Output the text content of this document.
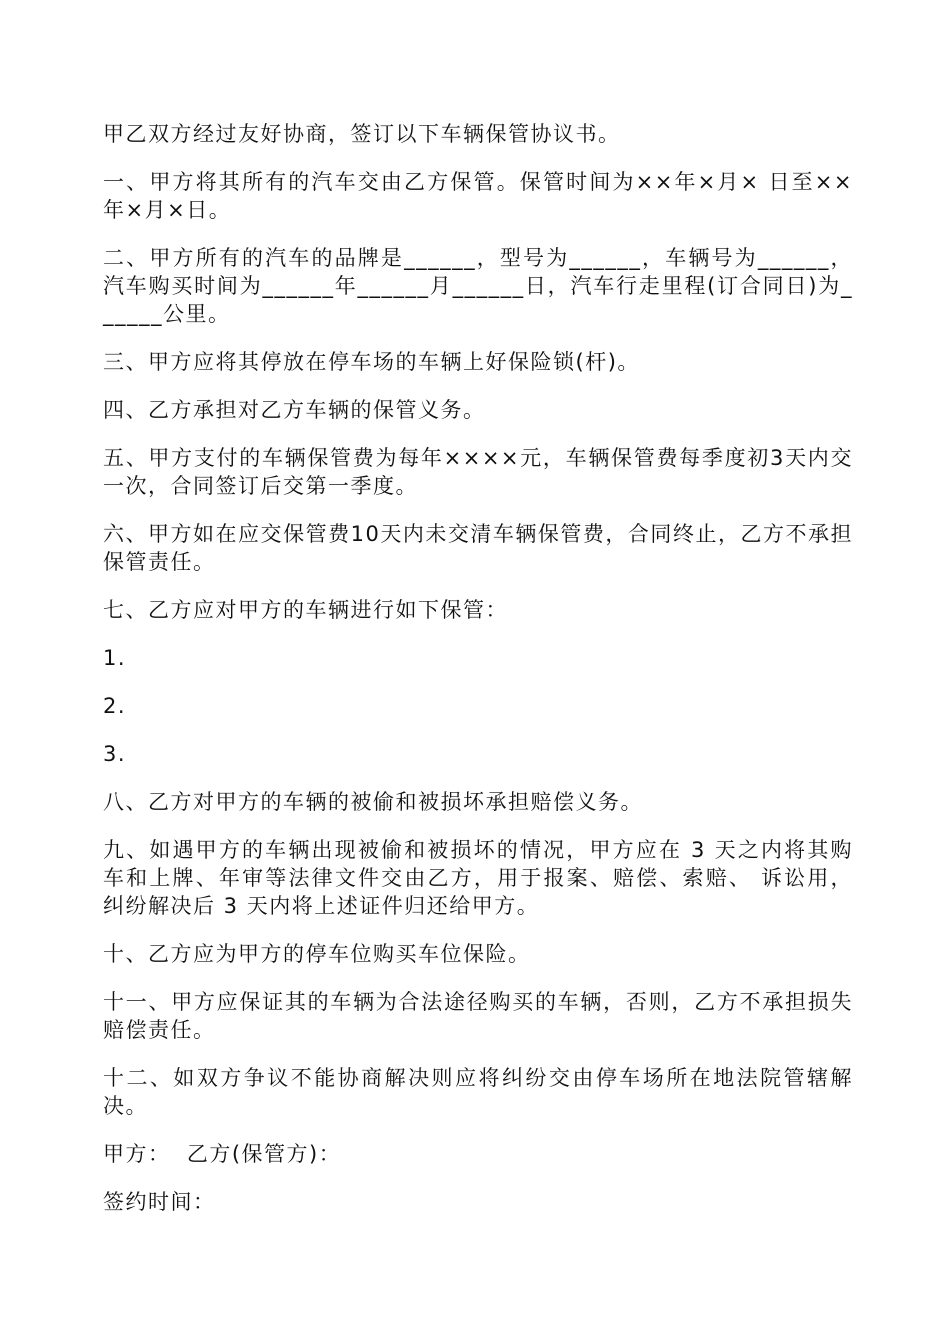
甲乙双方经过友好协商，签订以下车辆保管协议书。

一、甲方将其所有的汽车交由乙方保管。保管时间为××年×月× 日至××年×月×日。

二、甲方所有的汽车的品牌是______，型号为______，车辆号为______，汽车购买时间为______年______月______日，汽车行走里程(订合同日)为______公里。

三、甲方应将其停放在停车场的车辆上好保险锁(杆)。

四、乙方承担对乙方车辆的保管义务。

五、甲方支付的车辆保管费为每年××××元，车辆保管费每季度初3天内交一次，合同签订后交第一季度。

六、甲方如在应交保管费10天内未交清车辆保管费，合同终止，乙方不承担保管责任。

七、乙方应对甲方的车辆进行如下保管：

1.

2.

3.

八、乙方对甲方的车辆的被偷和被损坏承担赔偿义务。

九、如遇甲方的车辆出现被偷和被损坏的情况，甲方应在 3 天之内将其购车和上牌、年审等法律文件交由乙方，用于报案、赔偿、索赔、 诉讼用，纠纷解决后 3 天内将上述证件归还给甲方。

十、乙方应为甲方的停车位购买车位保险。

十一、甲方应保证其的车辆为合法途径购买的车辆，否则，乙方不承担损失赔偿责任。

十二、如双方争议不能协商解决则应将纠纷交由停车场所在地法院管辖解决。

甲方：  乙方(保管方)：

签约时间：
